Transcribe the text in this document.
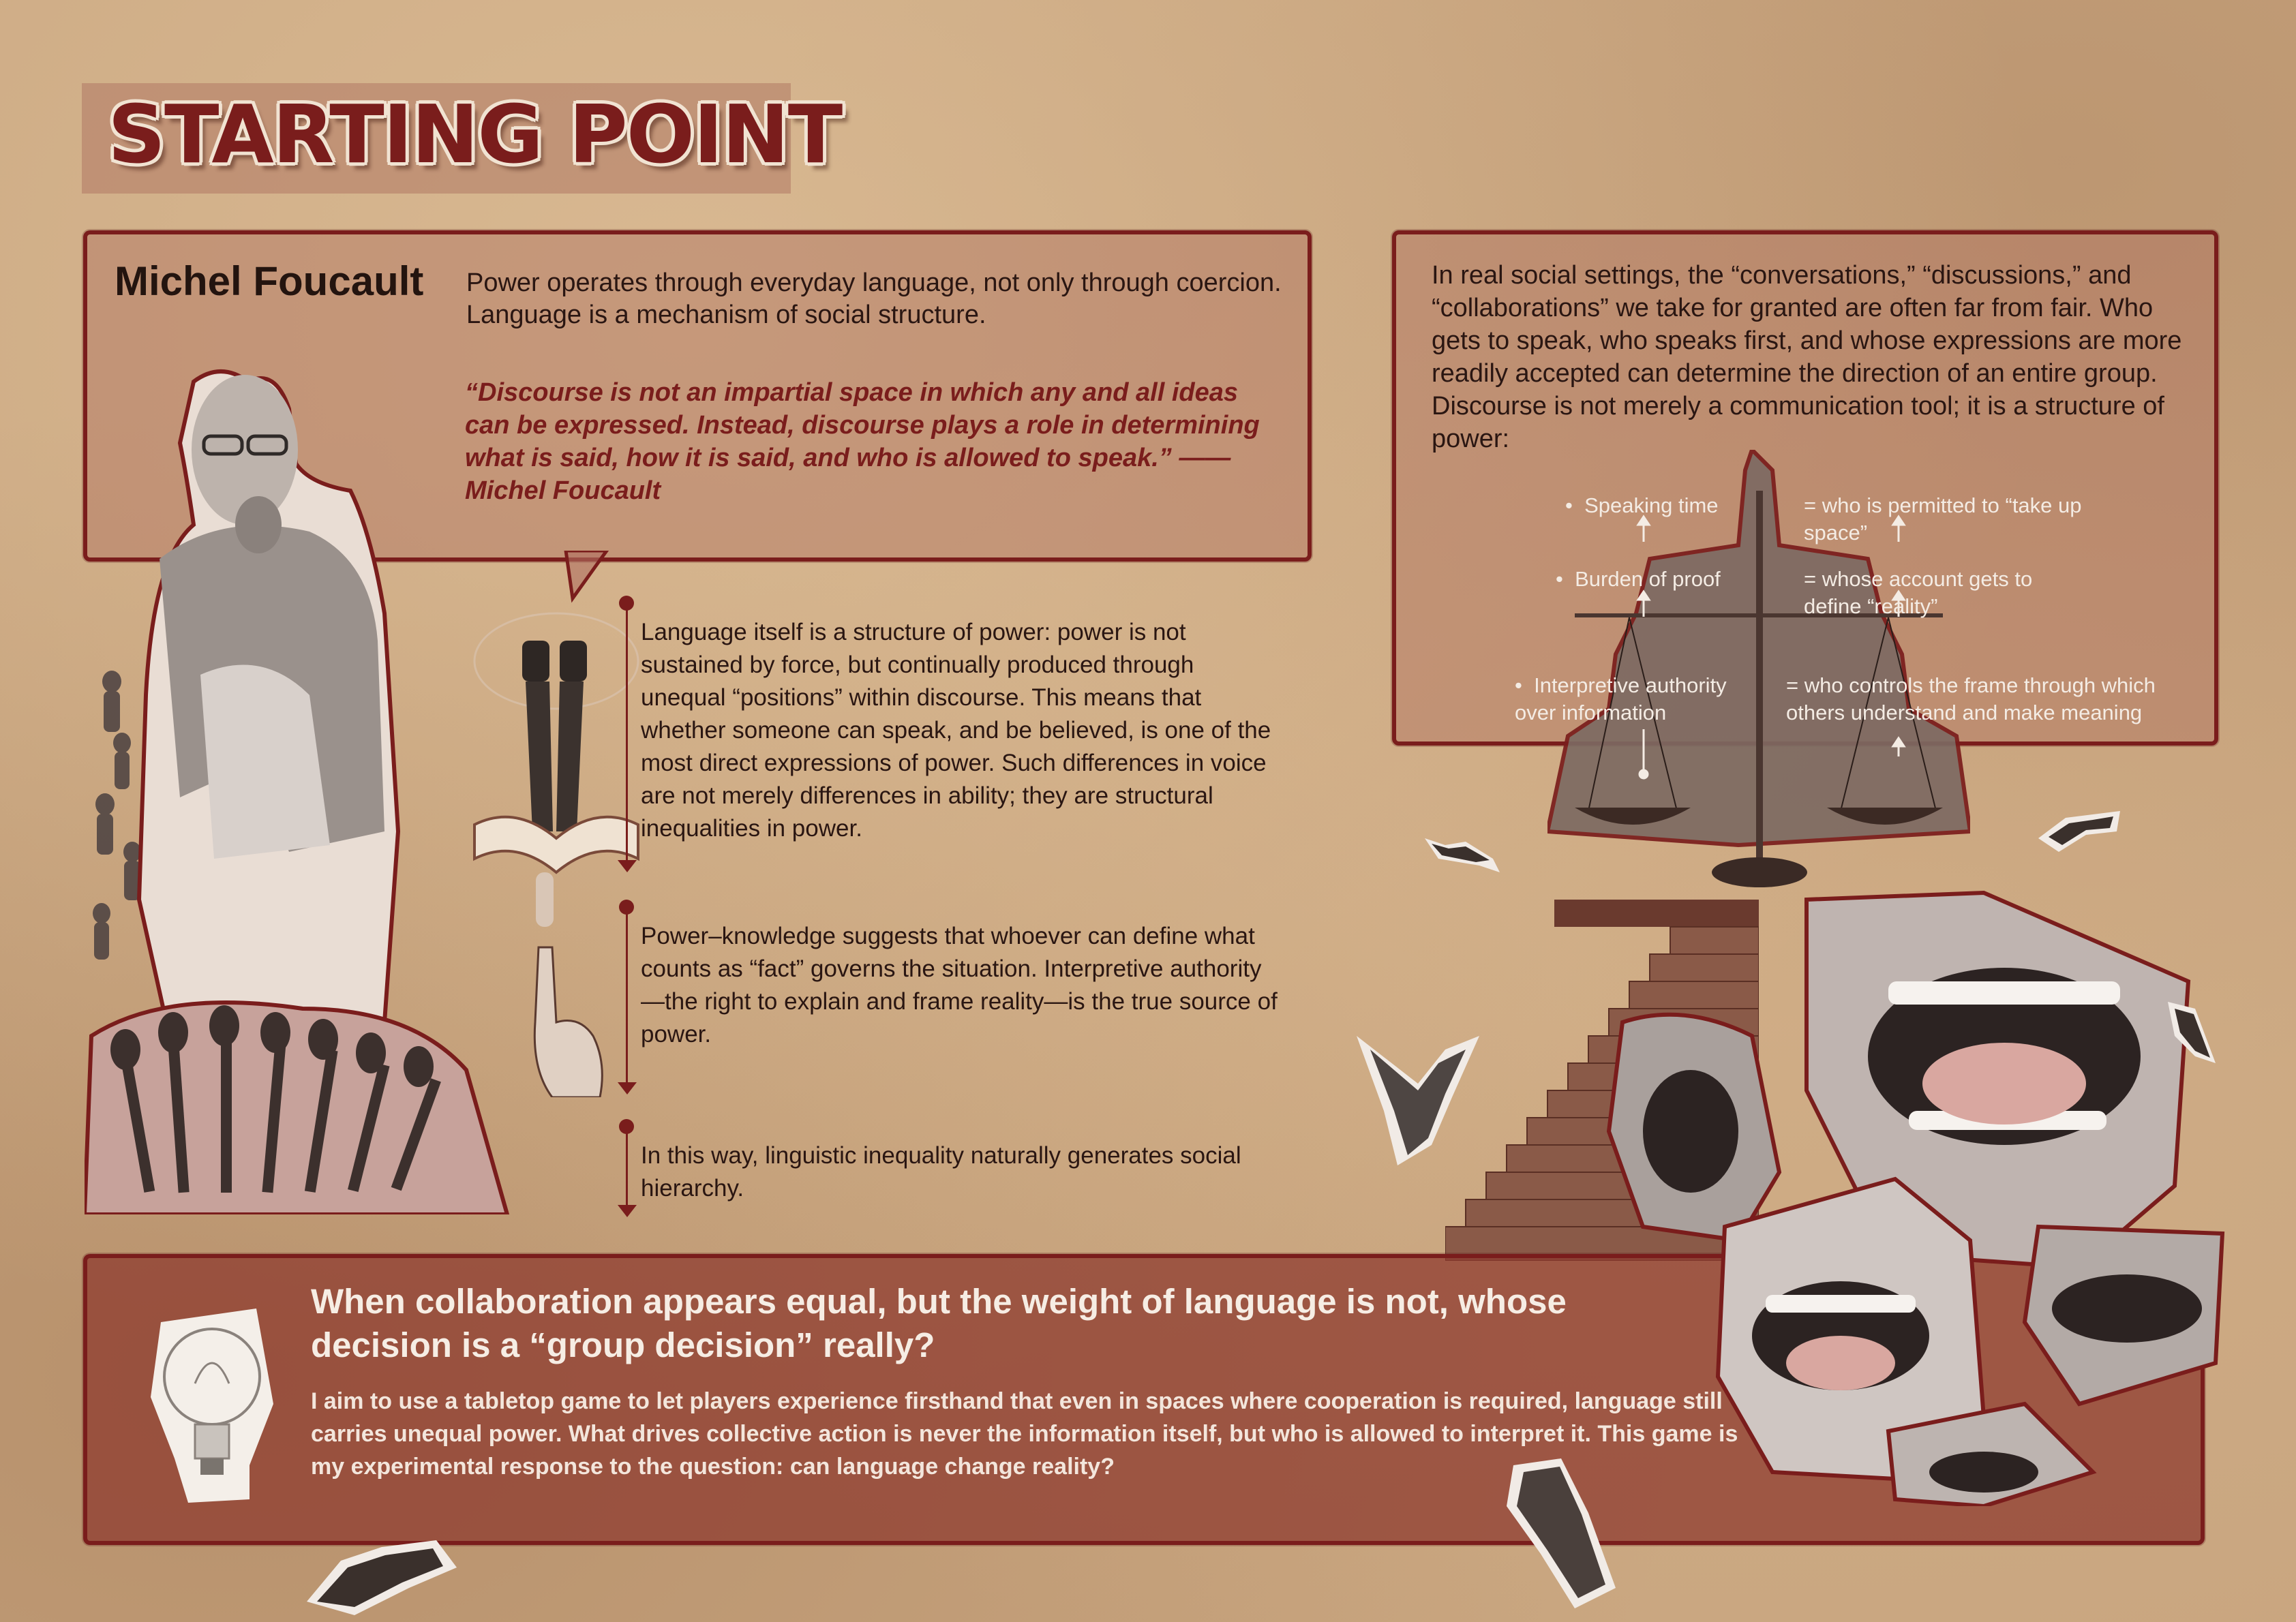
STARTING POINT
Michel Foucault Power operates through everyday language, not only through coercion. Language is a mechanism of social structure.
“Discourse is not an impartial space in which any and all ideas can be expressed. Instead, discourse plays a role in determining what is said, how it is said, and who is allowed to speak.” —— Michel Foucault
Language itself is a structure of power: power is not sustained by force, but continually produced through unequal “positions” within discourse. This means that whether someone can speak, and be believed, is one of the most direct expressions of power. Such differences in voice are not merely differences in ability; they are structural inequalities in power.
Power–knowledge suggests that whoever can define what counts as “fact” governs the situation. Interpretive authority—the right to explain and frame reality—is the true source of power.
In this way, linguistic inequality naturally generates social hierarchy.
In real social settings, the “conversations,” “discussions,” and “collaborations” we take for granted are often far from fair. Who gets to speak, who speaks first, and whose expressions are more readily accepted can determine the direction of an entire group. Discourse is not merely a communication tool; it is a structure of power:
•  Speaking time
•  Burden of proof
•  Interpretive authority over information
= who is permitted to “take up space”
= whose account gets to define “reality”
= who controls the frame through which others understand and make meaning
When collaboration appears equal, but the weight of language is not, whose decision is a “group decision” really?
I aim to use a tabletop game to let players experience firsthand that even in spaces where cooperation is required, language still carries unequal power. What drives collective action is never the information itself, but who is allowed to interpret it. This game is my experimental response to the question: can language change reality?
